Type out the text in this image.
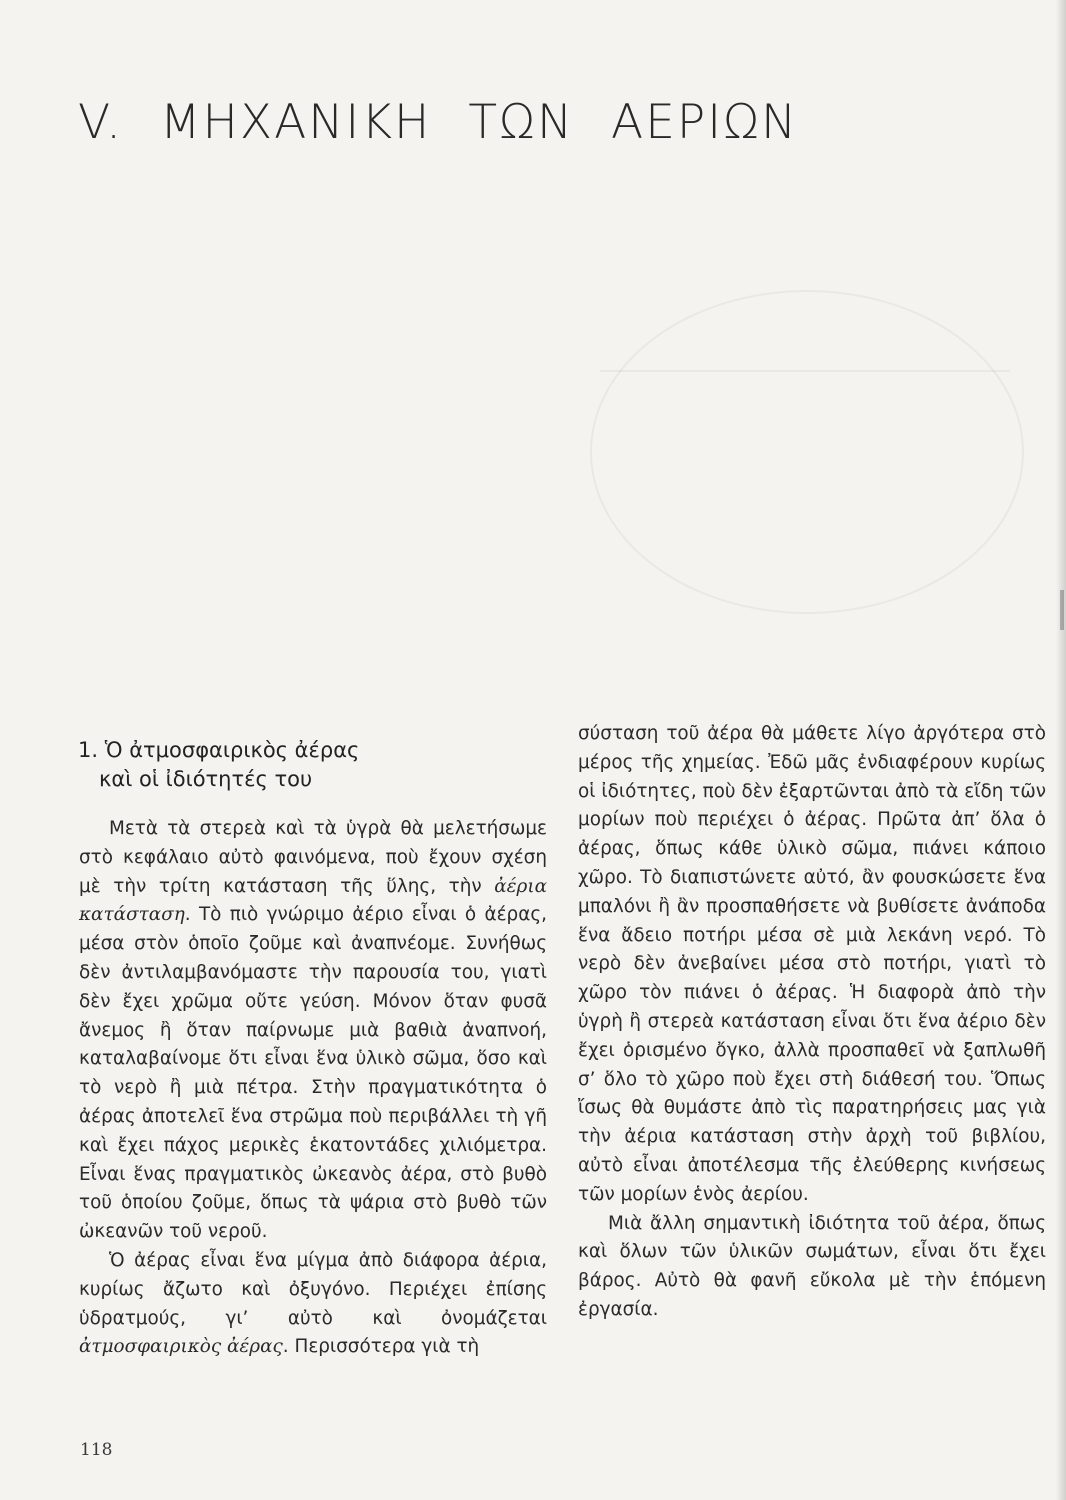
V. ΜΗΧΑΝΙΚΗ ΤΩΝ ΑΕΡΙΩΝ
1. Ὁ ἀτμοσφαιρικὸς ἀέρας
καὶ οἱ ἰδιότητές του

Μετὰ τὰ στερεὰ καὶ τὰ ὑγρὰ θὰ μελετήσωμε στὸ κεφάλαιο αὐτὸ φαινόμενα, ποὺ ἔχουν σχέση μὲ τὴν τρίτη κατάσταση τῆς ὕλης, τὴν ἀέρια κατάσταση. Τὸ πιὸ γνώριμο ἀέριο εἶναι ὁ ἀέρας, μέσα στὸν ὁποῖο ζοῦμε καὶ ἀναπνέομε. Συνήθως δὲν ἀντιλαμβανόμαστε τὴν παρουσία του, γιατὶ δὲν ἔχει χρῶμα οὔτε γεύση. Μόνον ὅταν φυσᾶ ἄνεμος ἢ ὅταν παίρνωμε μιὰ βαθιὰ ἀναπνοή, καταλαβαίνομε ὅτι εἶναι ἕνα ὑλικὸ σῶμα, ὅσο καὶ τὸ νερὸ ἢ μιὰ πέτρα. Στὴν πραγματικότητα ὁ ἀέρας ἀποτελεῖ ἕνα στρῶμα ποὺ περιβάλλει τὴ γῆ καὶ ἔχει πάχος μερικὲς ἑκατοντάδες χιλιόμετρα. Εἶναι ἕνας πραγματικὸς ὠκεανὸς ἀέρα, στὸ βυθὸ τοῦ ὁποίου ζοῦμε, ὅπως τὰ ψάρια στὸ βυθὸ τῶν ὠκεανῶν τοῦ νεροῦ.

Ὁ ἀέρας εἶναι ἕνα μίγμα ἀπὸ διάφορα ἀέρια, κυρίως ἄζωτο καὶ ὀξυγόνο. Περιέχει ἐπίσης ὑδρατμούς, γι’ αὐτὸ καὶ ὀνομάζεται ἀτμοσφαιρικὸς ἀέρας. Περισσότερα γιὰ τὴ

σύσταση τοῦ ἀέρα θὰ μάθετε λίγο ἀργότερα στὸ μέρος τῆς χημείας. Ἐδῶ μᾶς ἐνδιαφέρουν κυρίως οἱ ἰδιότητες, ποὺ δὲν ἐξαρτῶνται ἀπὸ τὰ εἴδη τῶν μορίων ποὺ περιέχει ὁ ἀέρας. Πρῶτα ἀπ’ ὅλα ὁ ἀέρας, ὅπως κάθε ὑλικὸ σῶμα, πιάνει κάποιο χῶρο. Τὸ διαπιστώνετε αὐτό, ἂν φουσκώσετε ἕνα μπαλόνι ἢ ἂν προσπαθήσετε νὰ βυθίσετε ἀνάποδα ἕνα ἄδειο ποτήρι μέσα σὲ μιὰ λεκάνη νερό. Τὸ νερὸ δὲν ἀνεβαίνει μέσα στὸ ποτήρι, γιατὶ τὸ χῶρο τὸν πιάνει ὁ ἀέρας. Ἡ διαφορὰ ἀπὸ τὴν ὑγρὴ ἢ στερεὰ κατάσταση εἶναι ὅτι ἕνα ἀέριο δὲν ἔχει ὁρισμένο ὄγκο, ἀλλὰ προσπαθεῖ νὰ ξαπλωθῆ σ’ ὅλο τὸ χῶρο ποὺ ἔχει στὴ διάθεσή του. Ὅπως ἴσως θὰ θυμάστε ἀπὸ τὶς παρατηρήσεις μας γιὰ τὴν ἀέρια κατάσταση στὴν ἀρχὴ τοῦ βιβλίου, αὐτὸ εἶναι ἀποτέλεσμα τῆς ἐλεύθερης κινήσεως τῶν μορίων ἑνὸς ἀερίου.

Μιὰ ἄλλη σημαντικὴ ἰδιότητα τοῦ ἀέρα, ὅπως καὶ ὅλων τῶν ὑλικῶν σωμάτων, εἶναι ὅτι ἔχει βάρος. Αὐτὸ θὰ φανῆ εὔκολα μὲ τὴν ἑπόμενη ἐργασία.

118
